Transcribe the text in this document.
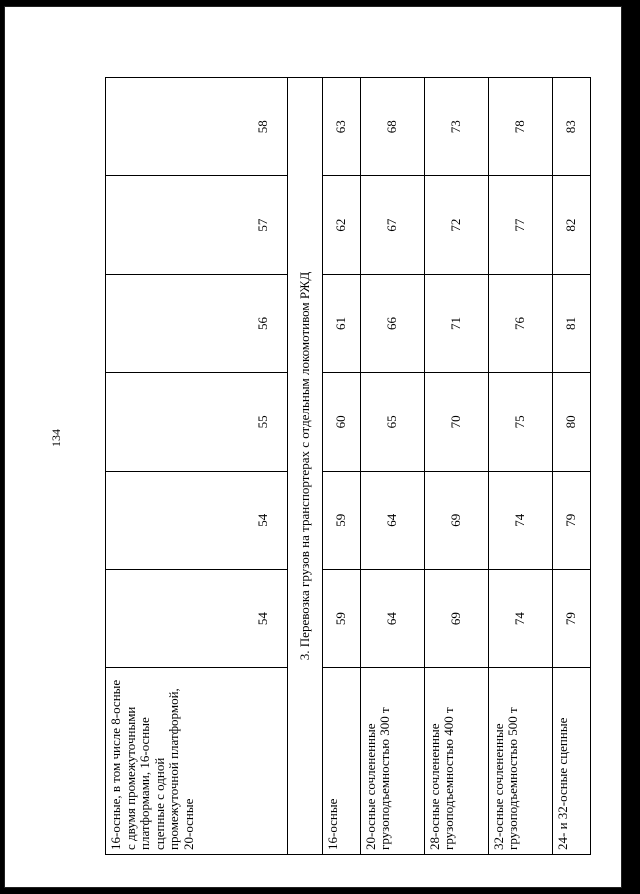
134
16-осные, в том числе 8-осные с двумя промежуточными платформами, 16-осные сцепные с одной промежуточной платформой, 20-осные	54	54	55	56	57	58
3. Перевозка грузов на транспортерах с отдельным локомотивом РЖД						
16-осные	59	59	60	61	62	63
20-осные сочлененные грузоподъемностью 300 т	64	64	65	66	67	68
28-осные сочлененные грузоподъемностью 400 т	69	69	70	71	72	73
32-осные сочлененные грузоподъемностью 500 т	74	74	75	76	77	78
24- и 32-осные сцепные	79	79	80	81	82	83
